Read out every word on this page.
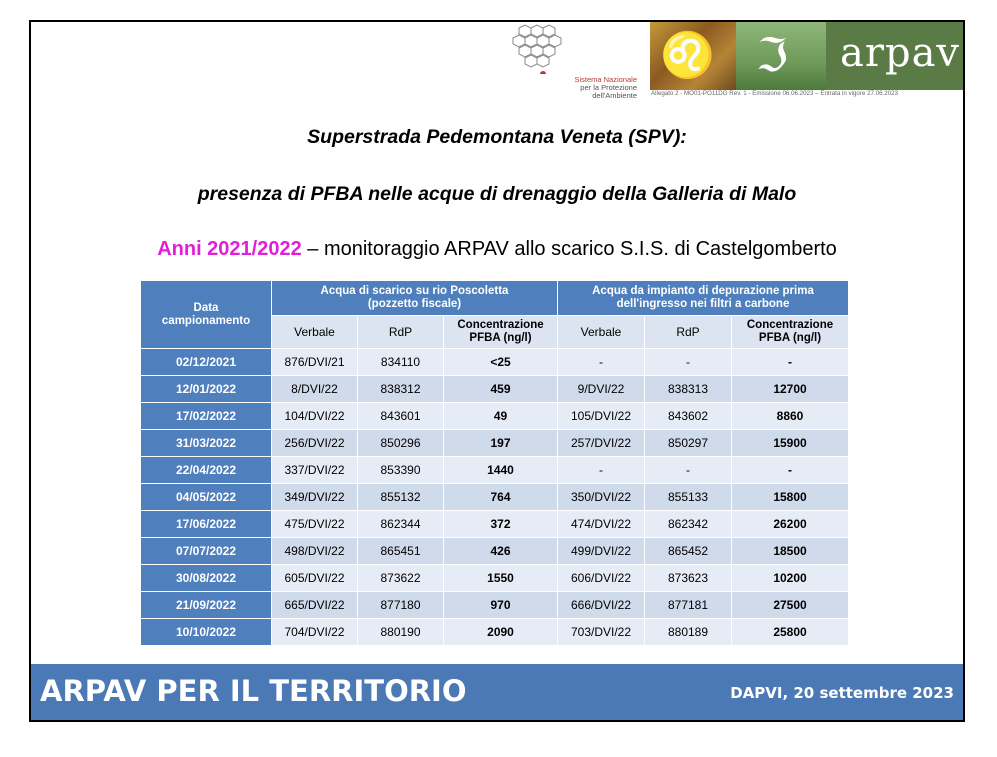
Sistema Nazionale
per la Protezione
dell'Ambiente
♌ ℑ arpav
Allegato 2 - MO01-PO11DG Rev. 1 - Emissione 06.06.2023 – Entrata in vigore 27.06.2023
Superstrada Pedemontana Veneta (SPV):
presenza di PFBA nelle acque di drenaggio della Galleria di Malo
Anni 2021/2022 – monitoraggio ARPAV allo scarico S.I.S. di Castelgomberto
Data campionamento	Acqua di scarico su rio Poscoletta (pozzetto fiscale)			Acqua da impianto di depurazione prima dell'ingresso nei filtri a carbone		
	Verbale	RdP	Concentrazione PFBA (ng/l)	Verbale	RdP	Concentrazione PFBA (ng/l)
02/12/2021	876/DVI/21	834110	<25	-	-	-
12/01/2022	8/DVI/22	838312	459	9/DVI/22	838313	12700
17/02/2022	104/DVI/22	843601	49	105/DVI/22	843602	8860
31/03/2022	256/DVI/22	850296	197	257/DVI/22	850297	15900
22/04/2022	337/DVI/22	853390	1440	-	-	-
04/05/2022	349/DVI/22	855132	764	350/DVI/22	855133	15800
17/06/2022	475/DVI/22	862344	372	474/DVI/22	862342	26200
07/07/2022	498/DVI/22	865451	426	499/DVI/22	865452	18500
30/08/2022	605/DVI/22	873622	1550	606/DVI/22	873623	10200
21/09/2022	665/DVI/22	877180	970	666/DVI/22	877181	27500
10/10/2022	704/DVI/22	880190	2090	703/DVI/22	880189	25800
ARPAV PER IL TERRITORIO	DAPVI, 20 settembre 2023
